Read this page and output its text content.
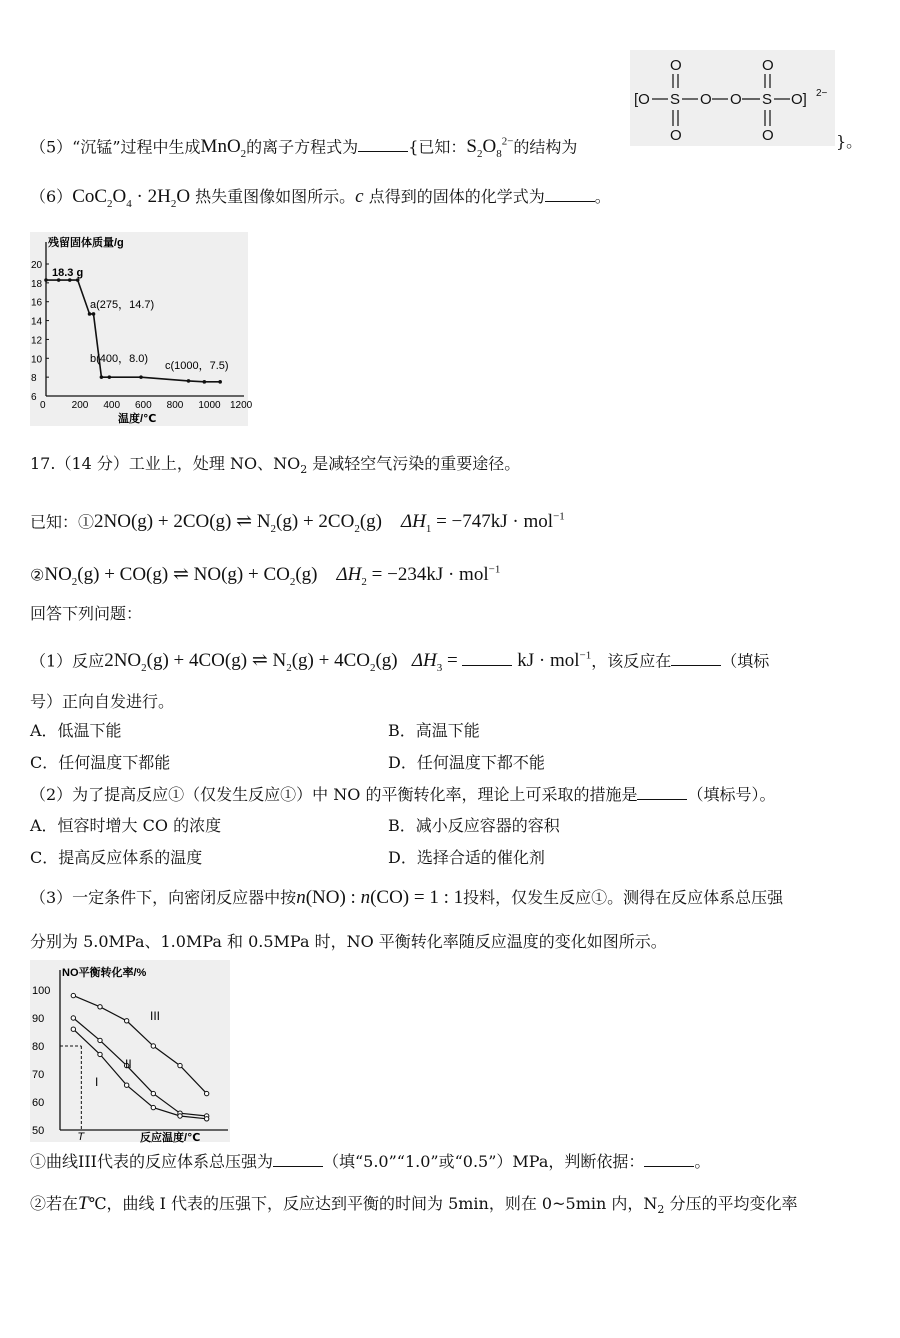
（5）“沉锰”过程中生成MnO$_2$的离子方程式为	{已知：$S_2O_8^{2-}$的结构为	}。
[O S O O S O] 2−
O
O
O
O
$(6)CoC_2O_4 \cdot 2H_2O$ 热失重图像如图所示。c 点得到的固体的化学式为	。
残留固体质量/g
20
18
16
14
12
10
8
6
0	200 400 600 800 1000 1200
温度/℃
18.3 g
a(275，14.7)
b(400，8.0)
c(1000，7.5)
17.（14 分）工业上，处理 NO、$NO_2$ 是减轻空气污染的重要途径。
已知：①2NO(g) + 2CO(g) ⇌ $N_2(g) + 2CO_2(g) \Delta H_1 = -747kJ \cdot mol^{-1}$
$②NO_2(g) + CO(g)$ ⇌ $NO(g) + CO_2(g) \Delta H_2 = -234kJ \cdot mol^{-1}$
回答下列问题：
（1）反应$2NO_2(g) + 4CO(g)$ ⇌ $N_2(g) + 4CO_2(g) \Delta H_3$ =	kJ · mol$^{-1}$，该反应在	（填标
号）正向自发进行。
A．低温下能	B．高温下能
C．任何温度下都能	D．任何温度下都不能
（2）为了提高反应①（仅发生反应①）中 NO 的平衡转化率，理论上可采取的措施是	（填标号）。
A．恒容时增大 CO 的浓度	B．减小反应容器的容积
C．提高反应体系的温度	D．选择合适的催化剂
（3）一定条件下，向密闭反应器中按n(NO) : n(CO) = 1 : 1投料，仅发生反应①。测得在反应体系总压强
分别为 5.0MPa、1.0MPa 和 0.5MPa 时，NO 平衡转化率随反应温度的变化如图所示。
NO平衡转化率/%
100
90
80
70
60
50
反应温度/℃
T
III
II
I
①曲线III代表的反应体系总压强为	（填“5.0”“1.0”或“0.5”）MPa，判断依据：	。
②若在T℃，曲线 I 代表的压强下，反应达到平衡的时间为 5min，则在 0~5min 内，$N_2$ 分压的平均变化率
